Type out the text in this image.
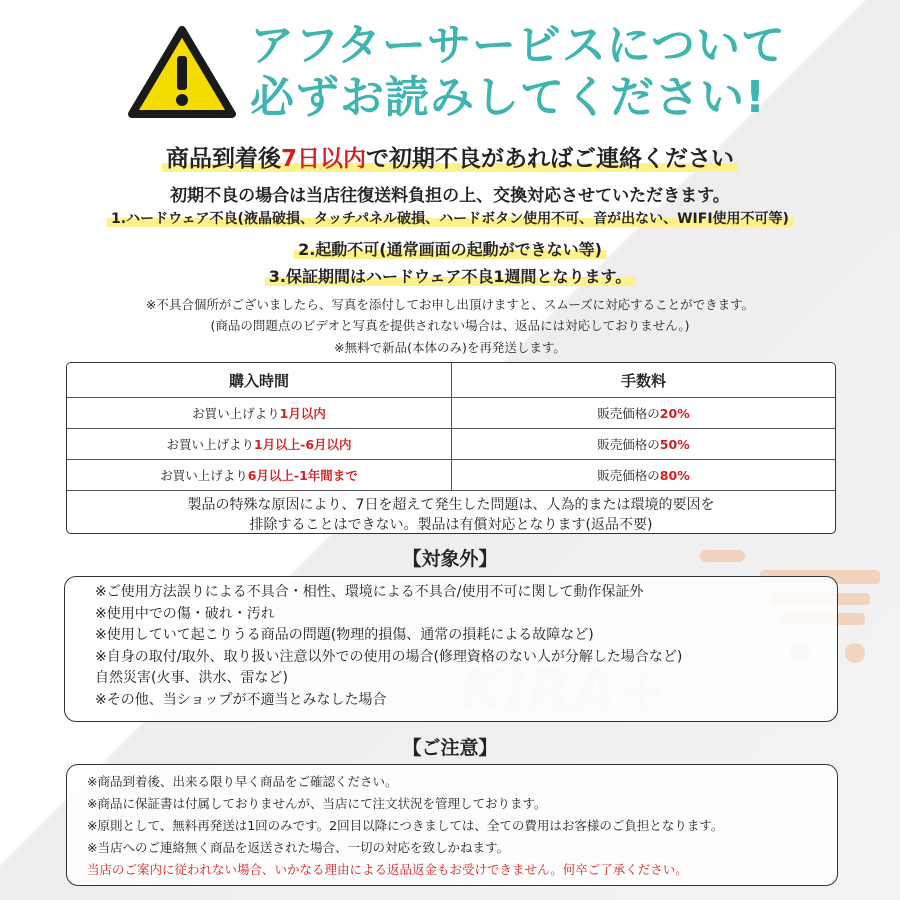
アフターサービスについて
必ずお読みしてください!
商品到着後7日以内で初期不良があればご連絡ください
初期不良の場合は当店往復送料負担の上、交換対応させていただきます。
1.ハードウェア不良(液晶破損、タッチパネル破損、ハードボタン使用不可、音が出ない、WIFI使用不可等)
2.起動不可(通常画面の起動ができない等)
3.保証期間はハードウェア不良1週間となります。
※不具合個所がございましたら、写真を添付してお申し出頂けますと、スムーズに対応することができます。
(商品の問題点のビデオと写真を提供されない場合は、返品には対応しておりません。)
※無料で新品(本体のみ)を再発送します。
購入時間	手数料
お買い上げより 1月以内	販売価格の 20%
お買い上げより 1月以上-6月以内	販売価格の 50%
お買い上げより 6月以上-1年間まで	販売価格の 80%
製品の特殊な原因により、7日を超えて発生した問題は、人為的または環境的要因を
排除することはできない。製品は有償対応となります(返品不要)
【対象外】
※ご使用方法誤りによる不具合・相性、環境による不具合/使用不可に関して動作保証外
※使用中での傷・破れ・汚れ
※使用していて起こりうる商品の問題(物理的損傷、通常の損耗による故障など)
※自身の取付/取外、取り扱い注意以外での使用の場合(修理資格のない人が分解した場合など)
自然災害(火事、洪水、雷など)
※その他、当ショップが不適当とみなした場合
【ご注意】
※商品到着後、出来る限り早く商品をご確認ください。
※商品に保証書は付属しておりませんが、当店にて注文状況を管理しております。
※原則として、無料再発送は1回のみです。2回目以降につきましては、全ての費用はお客様のご負担となります。
※当店へのご連絡無く商品を返送された場合、一切の対応を致しかねます。
当店のご案内に従われない場合、いかなる理由による返品返金もお受けできません。何卒ご了承ください。
